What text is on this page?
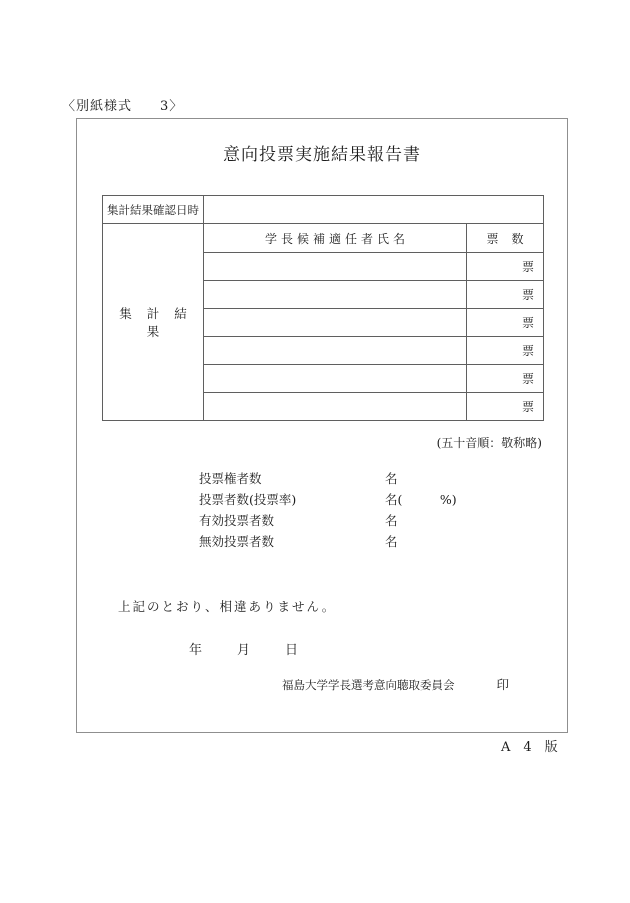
〈別紙様式　　3〉
意向投票実施結果報告書
集計結果確認日時		
集計結果	学長候補適任者氏名	票数
		票
		票
		票
		票
		票
		票
(五十音順：敬称略)
投票権者数	名
投票者数(投票率)	名(　　　%)
有効投票者数	名
無効投票者数	名
上記のとおり、相違ありません。
年	月	日
福島大学学長選考意向聴取委員会	印
A　4　版
